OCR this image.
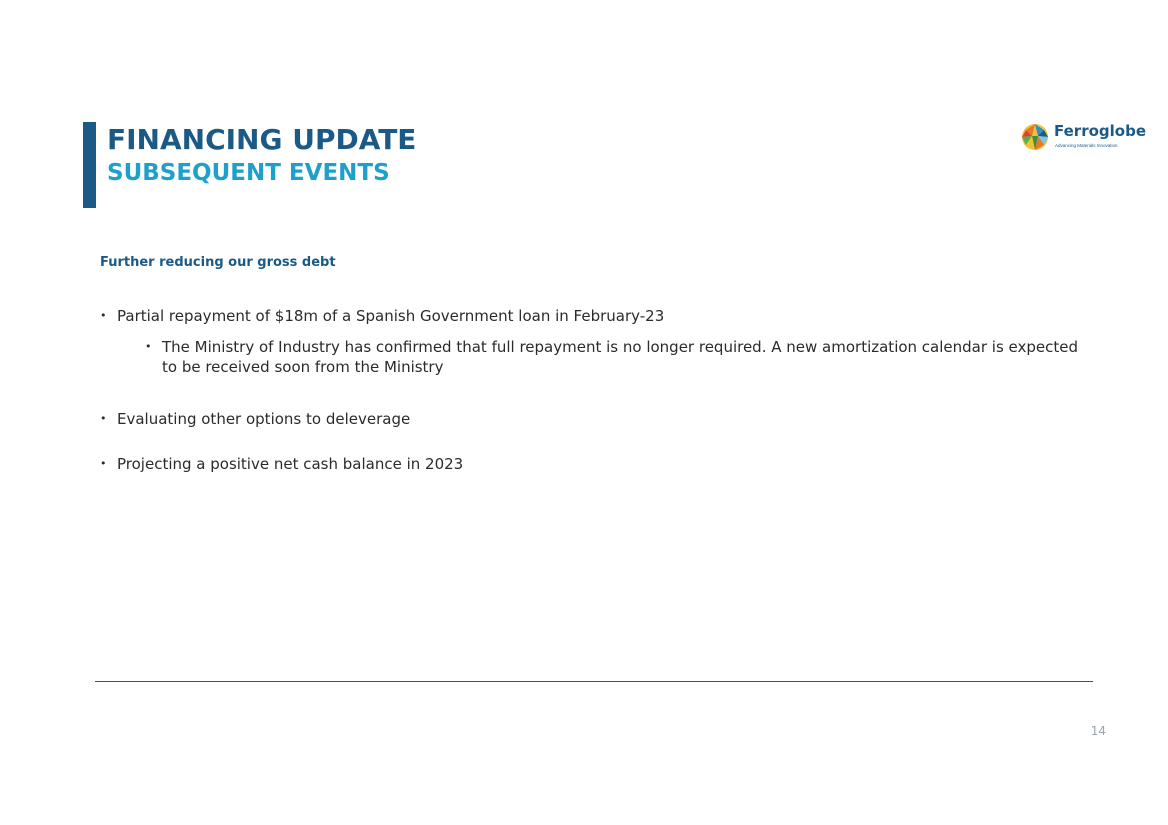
FINANCING UPDATE
SUBSEQUENT EVENTS
Ferroglobe
Advancing Materials Innovation
Further reducing our gross debt
• Partial repayment of $18m of a Spanish Government loan in February-23
• The Ministry of Industry has confirmed that full repayment is no longer required. A new amortization calendar is expected to be received soon from the Ministry
• Evaluating other options to deleverage
• Projecting a positive net cash balance in 2023
14
